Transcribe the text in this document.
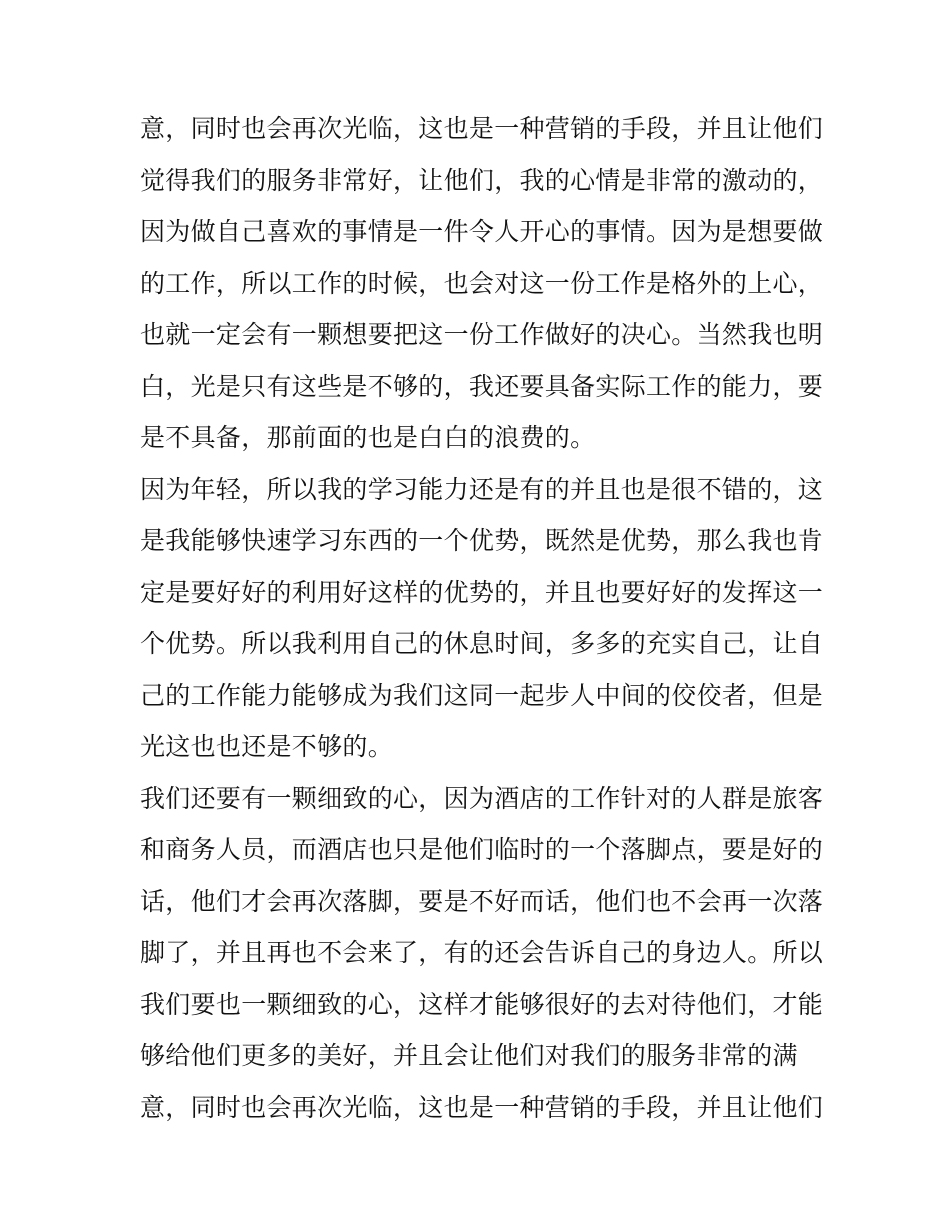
意，同时也会再次光临，这也是一种营销的手段，并且让他们
觉得我们的服务非常好，让他们，我的心情是非常的激动的，
因为做自己喜欢的事情是一件令人开心的事情。因为是想要做
的工作，所以工作的时候，也会对这一份工作是格外的上心，
也就一定会有一颗想要把这一份工作做好的决心。当然我也明
白，光是只有这些是不够的，我还要具备实际工作的能力，要
是不具备，那前面的也是白白的浪费的。
因为年轻，所以我的学习能力还是有的并且也是很不错的，这
是我能够快速学习东西的一个优势，既然是优势，那么我也肯
定是要好好的利用好这样的优势的，并且也要好好的发挥这一
个优势。所以我利用自己的休息时间，多多的充实自己，让自
己的工作能力能够成为我们这同一起步人中间的佼佼者，但是
光这也也还是不够的。
我们还要有一颗细致的心，因为酒店的工作针对的人群是旅客
和商务人员，而酒店也只是他们临时的一个落脚点，要是好的
话，他们才会再次落脚，要是不好而话，他们也不会再一次落
脚了，并且再也不会来了，有的还会告诉自己的身边人。所以
我们要也一颗细致的心，这样才能够很好的去对待他们，才能
够给他们更多的美好，并且会让他们对我们的服务非常的满
意，同时也会再次光临，这也是一种营销的手段，并且让他们
